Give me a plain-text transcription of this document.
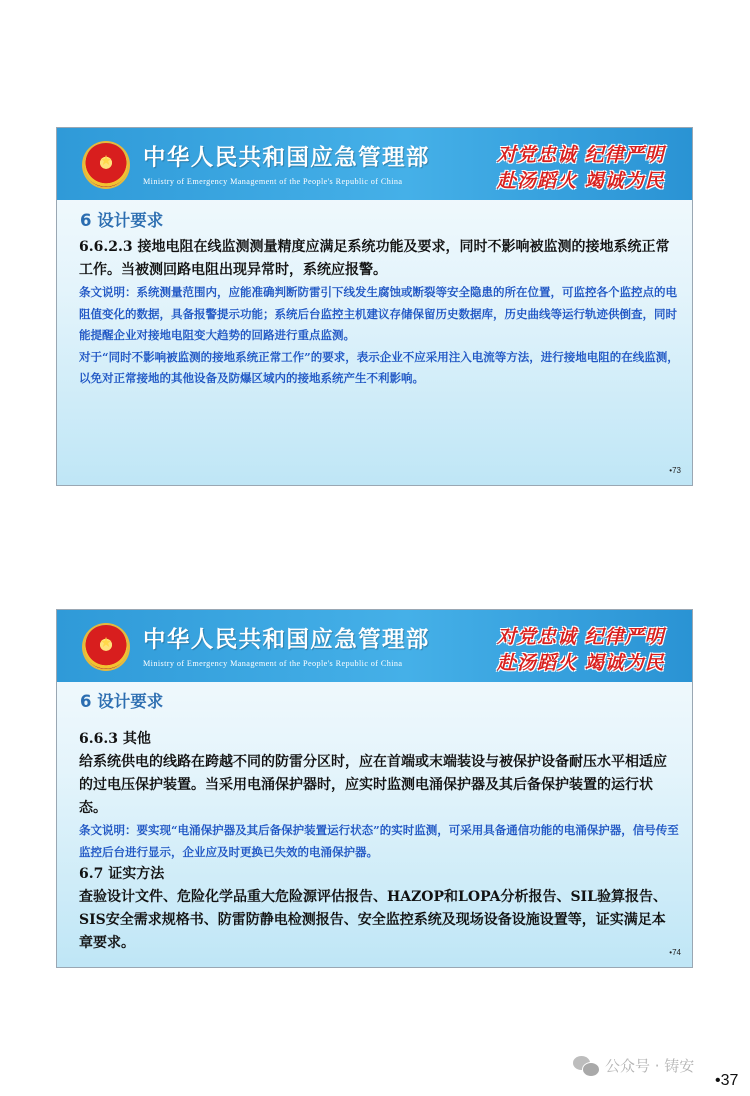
★	中华人民共和国应急管理部
Ministry of Emergency Management of the People's Republic of China
对党忠诚 纪律严明
赴汤蹈火 竭诚为民
6 设计要求

6.6.2.3 接地电阻在线监测测量精度应满足系统功能及要求，同时不影响被监测的接地系统正常工作。当被测回路电阻出现异常时，系统应报警。

条文说明：系统测量范围内，应能准确判断防雷引下线发生腐蚀或断裂等安全隐患的所在位置，可监控各个监控点的电阻值变化的数据，具备报警提示功能；系统后台监控主机建议存储保留历史数据库，历史曲线等运行轨迹供倒查，同时能提醒企业对接地电阻变大趋势的回路进行重点监测。

对于“同时不影响被监测的接地系统正常工作”的要求，表示企业不应采用注入电流等方法，进行接地电阻的在线监测，以免对正常接地的其他设备及防爆区域内的接地系统产生不利影响。

•73
★	中华人民共和国应急管理部
Ministry of Emergency Management of the People's Republic of China
对党忠诚 纪律严明
赴汤蹈火 竭诚为民
6 设计要求

6.6.3 其他

给系统供电的线路在跨越不同的防雷分区时，应在首端或末端装设与被保护设备耐压水平相适应的过电压保护装置。当采用电涌保护器时，应实时监测电涌保护器及其后备保护装置的运行状态。

条文说明：要实现“电涌保护器及其后备保护装置运行状态”的实时监测，可采用具备通信功能的电涌保护器，信号传至监控后台进行显示，企业应及时更换已失效的电涌保护器。

6.7 证实方法

查验设计文件、危险化学品重大危险源评估报告、HAZOP和LOPA分析报告、SIL验算报告、SIS安全需求规格书、防雷防静电检测报告、安全监控系统及现场设备设施设置等，证实满足本章要求。

•74
公众号 · 铸安
•37
